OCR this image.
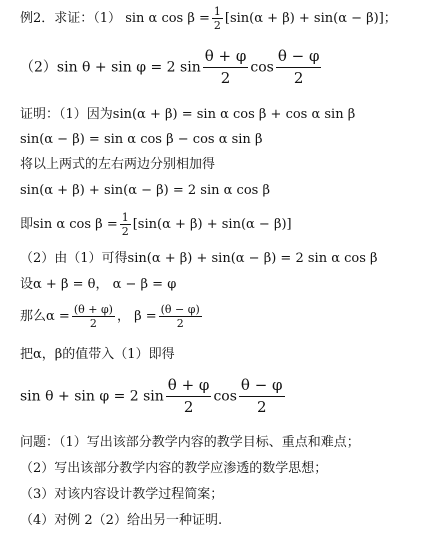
例2．求证：（1） sin α $\cos \beta = \frac{1}{2} [\sin(\alpha + \beta) + \sin(\alpha - \beta)]$；
（2）sin θ + sin φ = 2 $\sin \frac{\theta + \varphi}{2}$ $\cos \frac{\theta - \varphi}{2}$
证明：（1）因为sin(α + β) = sin α cos β + cos α sin β
sin(α − β) = sin α cos β − cos α sin β
将以上两式的左右两边分别相加得
sin(α + β) + sin(α − β) = 2 sin α cos β
即sin α $\cos \beta = \frac{1}{2} [\sin(\alpha + \beta) + \sin(\alpha - \beta)]$
（2）由（1）可得sin(α + β) + sin(α − β) = 2 sin α cos β
设α + β = θ， α − β = φ
那么$\alpha = \frac{(\theta + \varphi)}{2}$ ， $\beta = \frac{(\theta - \varphi)}{2}$
把α，β的值带入（1）即得
sin θ + sin φ = 2 $\sin \frac{\theta + \varphi}{2}$ $\cos \frac{\theta - \varphi}{2}$
问题：（1）写出该部分教学内容的教学目标、重点和难点；
（2）写出该部分教学内容的教学应渗透的数学思想；
（3）对该内容设计教学过程简案；
（4）对例 2（2）给出另一种证明.
